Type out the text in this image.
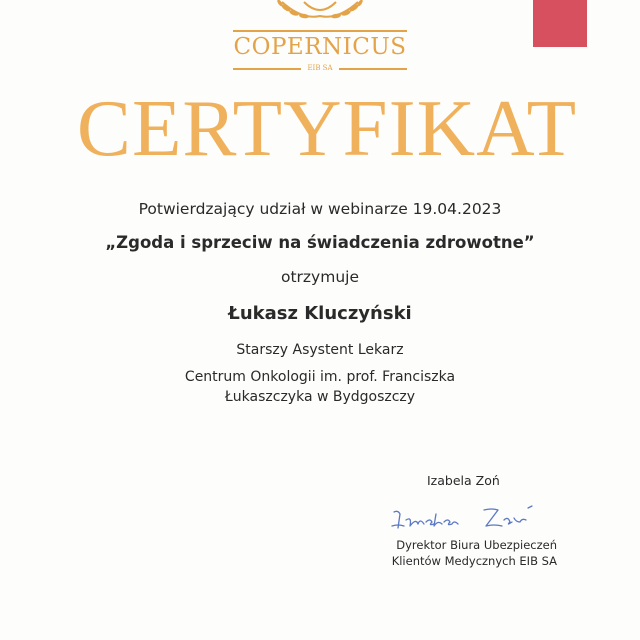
COPERNICUS
EIB SA
CERTYFIKAT
Potwierdzający udział w webinarze 19.04.2023
„Zgoda i sprzeciw na świadczenia zdrowotne”
otrzymuje
Łukasz Kluczyński
Starszy Asystent Lekarz
Centrum Onkologii im. prof. Franciszka Łukaszczyka w Bydgoszczy
Izabela Zoń
Dyrektor Biura Ubezpieczeń
Klientów Medycznych EIB SA
